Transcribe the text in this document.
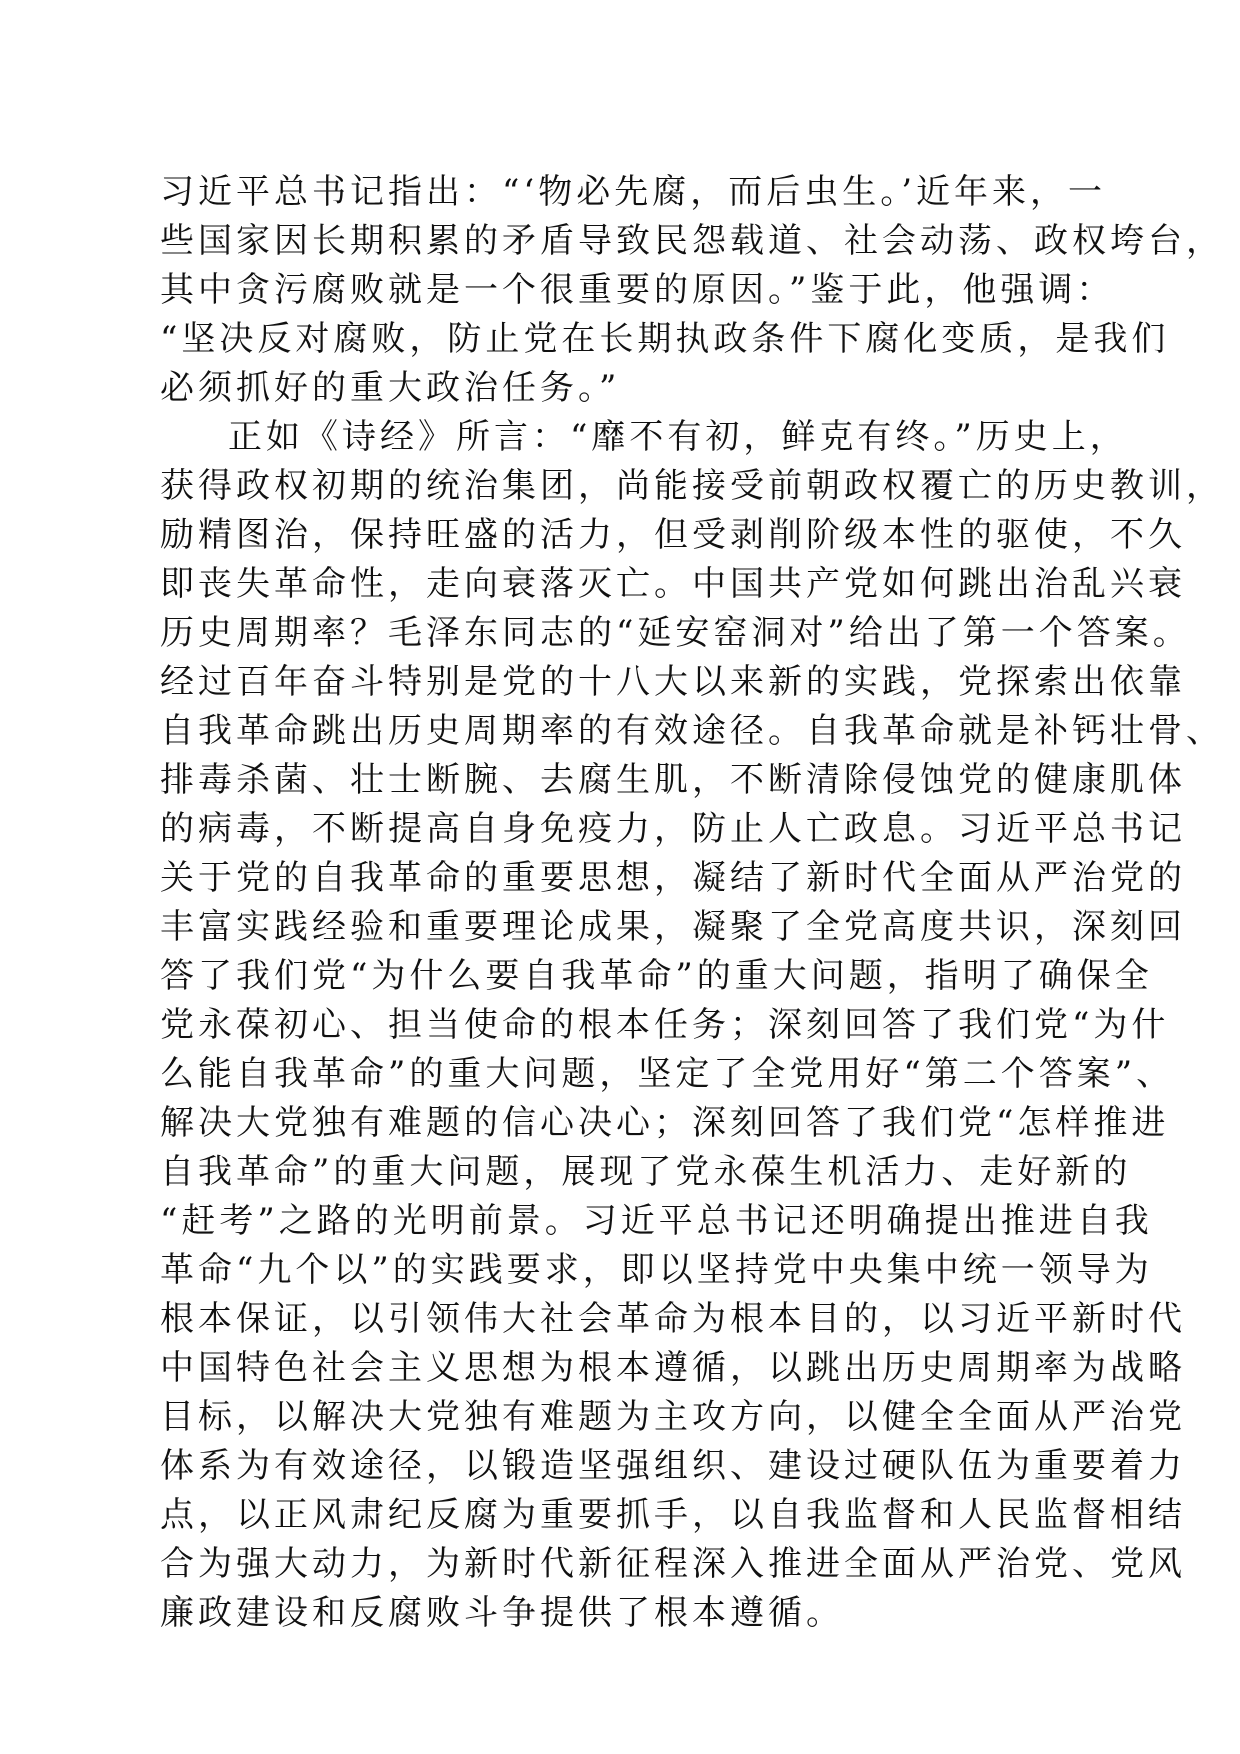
习近平总书记指出：“‘物必先腐，而后虫生。’近年来，一
些国家因长期积累的矛盾导致民怨载道、社会动荡、政权垮台，
其中贪污腐败就是一个很重要的原因。”鉴于此，他强调：
“坚决反对腐败，防止党在长期执政条件下腐化变质，是我们
必须抓好的重大政治任务。”
正如《诗经》所言：“靡不有初，鲜克有终。”历史上，
获得政权初期的统治集团，尚能接受前朝政权覆亡的历史教训，
励精图治，保持旺盛的活力，但受剥削阶级本性的驱使，不久
即丧失革命性，走向衰落灭亡。中国共产党如何跳出治乱兴衰
历史周期率？毛泽东同志的“延安窑洞对”给出了第一个答案。
经过百年奋斗特别是党的十八大以来新的实践，党探索出依靠
自我革命跳出历史周期率的有效途径。自我革命就是补钙壮骨、
排毒杀菌、壮士断腕、去腐生肌，不断清除侵蚀党的健康肌体
的病毒，不断提高自身免疫力，防止人亡政息。习近平总书记
关于党的自我革命的重要思想，凝结了新时代全面从严治党的
丰富实践经验和重要理论成果，凝聚了全党高度共识，深刻回
答了我们党“为什么要自我革命”的重大问题，指明了确保全
党永葆初心、担当使命的根本任务；深刻回答了我们党“为什
么能自我革命”的重大问题，坚定了全党用好“第二个答案”、
解决大党独有难题的信心决心；深刻回答了我们党“怎样推进
自我革命”的重大问题，展现了党永葆生机活力、走好新的
“赶考”之路的光明前景。习近平总书记还明确提出推进自我
革命“九个以”的实践要求，即以坚持党中央集中统一领导为
根本保证，以引领伟大社会革命为根本目的，以习近平新时代
中国特色社会主义思想为根本遵循，以跳出历史周期率为战略
目标，以解决大党独有难题为主攻方向，以健全全面从严治党
体系为有效途径，以锻造坚强组织、建设过硬队伍为重要着力
点，以正风肃纪反腐为重要抓手，以自我监督和人民监督相结
合为强大动力，为新时代新征程深入推进全面从严治党、党风
廉政建设和反腐败斗争提供了根本遵循。
